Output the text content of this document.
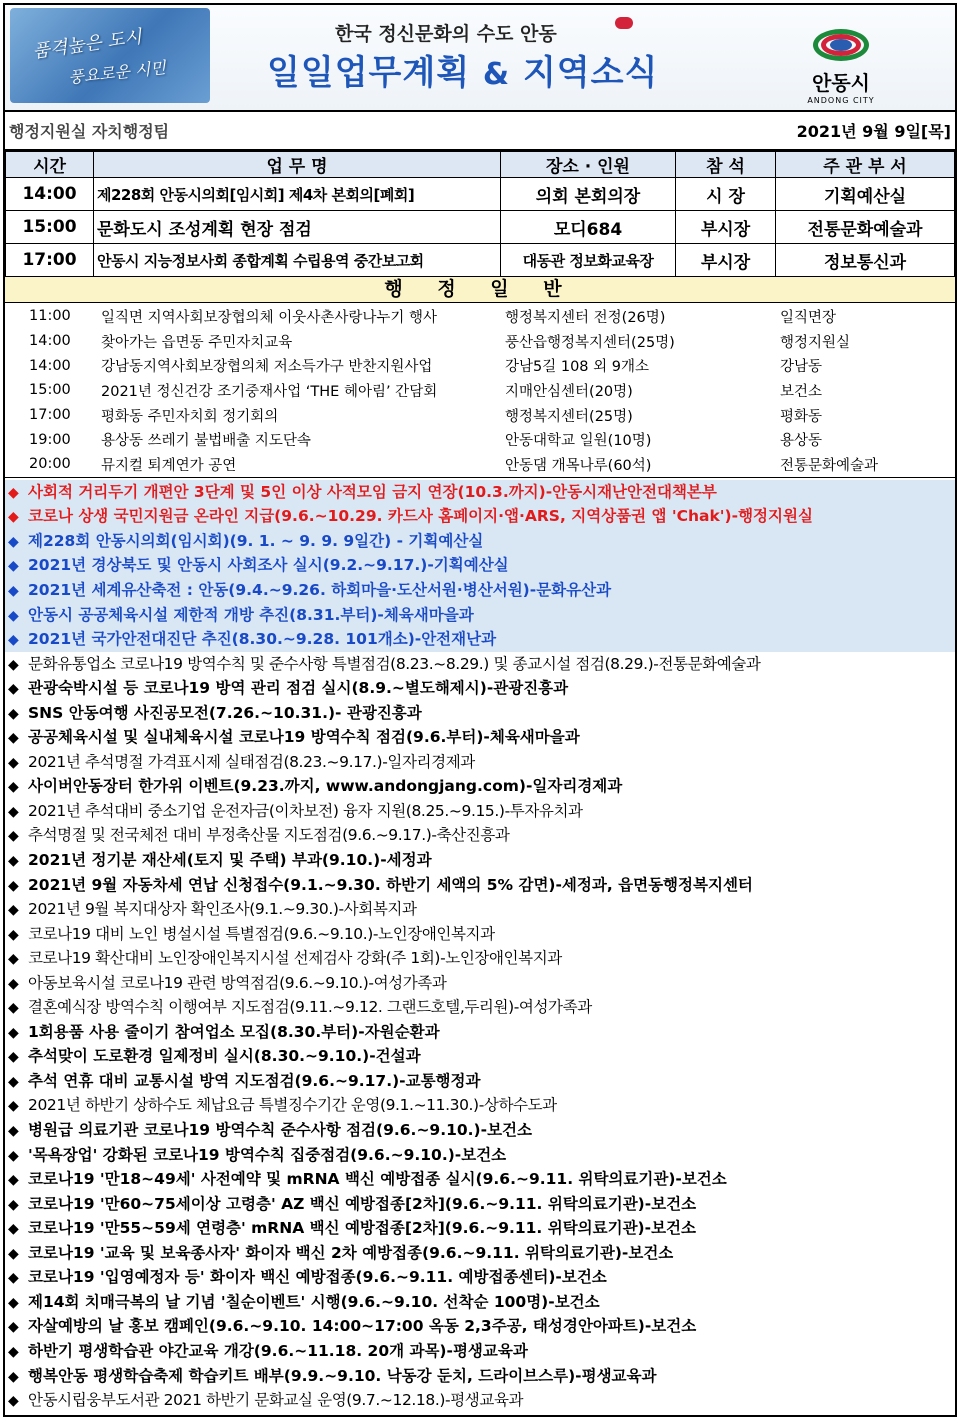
품격높은 도시
풍요로운 시민
한국 정신문화의 수도 안동
일일업무계획 & 지역소식	안동시
ANDONG CITY
행정지원실 자치행정팀	2021년 9월 9일[목]
시간	업 무 명	장소 · 인원	참 석	주 관 부 서
14:00	제228회 안동시의회[임시회] 제4차 본회의[폐회]	의회 본회의장	시 장	기획예산실
15:00	문화도시 조성계획 현장 점검	모디684	부시장	전통문화예술과
17:00	안동시 지능정보사회 종합계획 수립용역 중간보고회	대동관 정보화교육장	부시장	정보통신과
행 정 일 반
11:00	일직면 지역사회보장협의체 이웃사촌사랑나누기 행사	행정복지센터 전정(26명)	일직면장
14:00	찾아가는 읍면동 주민자치교육	풍산읍행정복지센터(25명)	행정지원실
14:00	강남동지역사회보장협의체 저소득가구 반찬지원사업	강남5길 108 외 9개소	강남동
15:00	2021년 정신건강 조기중재사업 ‘THE 헤아림’ 간담회	지매안심센터(20명)	보건소
17:00	평화동 주민자치회 정기회의	행정복지센터(25명)	평화동
19:00	용상동 쓰레기 불법배출 지도단속	안동대학교 일원(10명)	용상동
20:00	뮤지컬 퇴계연가 공연	안동댐 개목나루(60석)	전통문화예술과
◆ 사회적 거리두기 개편안 3단계 및 5인 이상 사적모임 금지 연장(10.3.까지)-안동시재난안전대책본부
◆ 코로나 상생 국민지원금 온라인 지급(9.6.~10.29. 카드사 홈페이지·앱·ARS, 지역상품권 앱 'Chak')-행정지원실
◆ 제228회 안동시의회(임시회)(9. 1. ~ 9. 9. 9일간) - 기획예산실
◆ 2021년 경상북도 및 안동시 사회조사 실시(9.2.~9.17.)-기획예산실
◆ 2021년 세계유산축전 : 안동(9.4.~9.26. 하회마을·도산서원·병산서원)-문화유산과
◆ 안동시 공공체육시설 제한적 개방 추진(8.31.부터)-체육새마을과
◆ 2021년 국가안전대진단 추진(8.30.~9.28. 101개소)-안전재난과
◆ 문화유통업소 코로나19 방역수칙 및 준수사항 특별점검(8.23.~8.29.) 및 종교시설 점검(8.29.)-전통문화예술과
◆ 관광숙박시설 등 코로나19 방역 관리 점검 실시(8.9.~별도해제시)-관광진흥과
◆ SNS 안동여행 사진공모전(7.26.~10.31.)- 관광진흥과
◆ 공공체육시설 및 실내체육시설 코로나19 방역수칙 점검(9.6.부터)-체육새마을과
◆ 2021년 추석명절 가격표시제 실태점검(8.23.~9.17.)-일자리경제과
◆ 사이버안동장터 한가위 이벤트(9.23.까지, www.andongjang.com)-일자리경제과
◆ 2021년 추석대비 중소기업 운전자금(이차보전) 융자 지원(8.25.~9.15.)-투자유치과
◆ 추석명절 및 전국체전 대비 부정축산물 지도점검(9.6.~9.17.)-축산진흥과
◆ 2021년 정기분 재산세(토지 및 주택) 부과(9.10.)-세정과
◆ 2021년 9월 자동차세 연납 신청접수(9.1.~9.30. 하반기 세액의 5% 감면)-세정과, 읍면동행정복지센터
◆ 2021년 9월 복지대상자 확인조사(9.1.~9.30.)-사회복지과
◆ 코로나19 대비 노인 병설시설 특별점검(9.6.~9.10.)-노인장애인복지과
◆ 코로나19 확산대비 노인장애인복지시설 선제검사 강화(주 1회)-노인장애인복지과
◆ 아동보육시설 코로나19 관련 방역점검(9.6.~9.10.)-여성가족과
◆ 결혼예식장 방역수칙 이행여부 지도점검(9.11.~9.12. 그랜드호텔,두리원)-여성가족과
◆ 1회용품 사용 줄이기 참여업소 모집(8.30.부터)-자원순환과
◆ 추석맞이 도로환경 일제정비 실시(8.30.~9.10.)-건설과
◆ 추석 연휴 대비 교통시설 방역 지도점검(9.6.~9.17.)-교통행정과
◆ 2021년 하반기 상하수도 체납요금 특별징수기간 운영(9.1.~11.30.)-상하수도과
◆ 병원급 의료기관 코로나19 방역수칙 준수사항 점검(9.6.~9.10.)-보건소
◆ '목욕장업' 강화된 코로나19 방역수칙 집중점검(9.6.~9.10.)-보건소
◆ 코로나19 '만18~49세' 사전예약 및 mRNA 백신 예방접종 실시(9.6.~9.11. 위탁의료기관)-보건소
◆ 코로나19 '만60~75세이상 고령층' AZ 백신 예방접종[2차](9.6.~9.11. 위탁의료기관)-보건소
◆ 코로나19 '만55~59세 연령층' mRNA 백신 예방접종[2차](9.6.~9.11. 위탁의료기관)-보건소
◆ 코로나19 '교육 및 보육종사자' 화이자 백신 2차 예방접종(9.6.~9.11. 위탁의료기관)-보건소
◆ 코로나19 '입영예정자 등' 화이자 백신 예방접종(9.6.~9.11. 예방접종센터)-보건소
◆ 제14회 치매극복의 날 기념 '칠순이벤트' 시행(9.6.~9.10. 선착순 100명)-보건소
◆ 자살예방의 날 홍보 캠페인(9.6.~9.10. 14:00~17:00 옥동 2,3주공, 태성경안아파트)-보건소
◆ 하반기 평생학습관 야간교육 개강(9.6.~11.18. 20개 과목)-평생교육과
◆ 행복안동 평생학습축제 학습키트 배부(9.9.~9.10. 낙동강 둔치, 드라이브스루)-평생교육과
◆ 안동시립웅부도서관 2021 하반기 문화교실 운영(9.7.~12.18.)-평생교육과
